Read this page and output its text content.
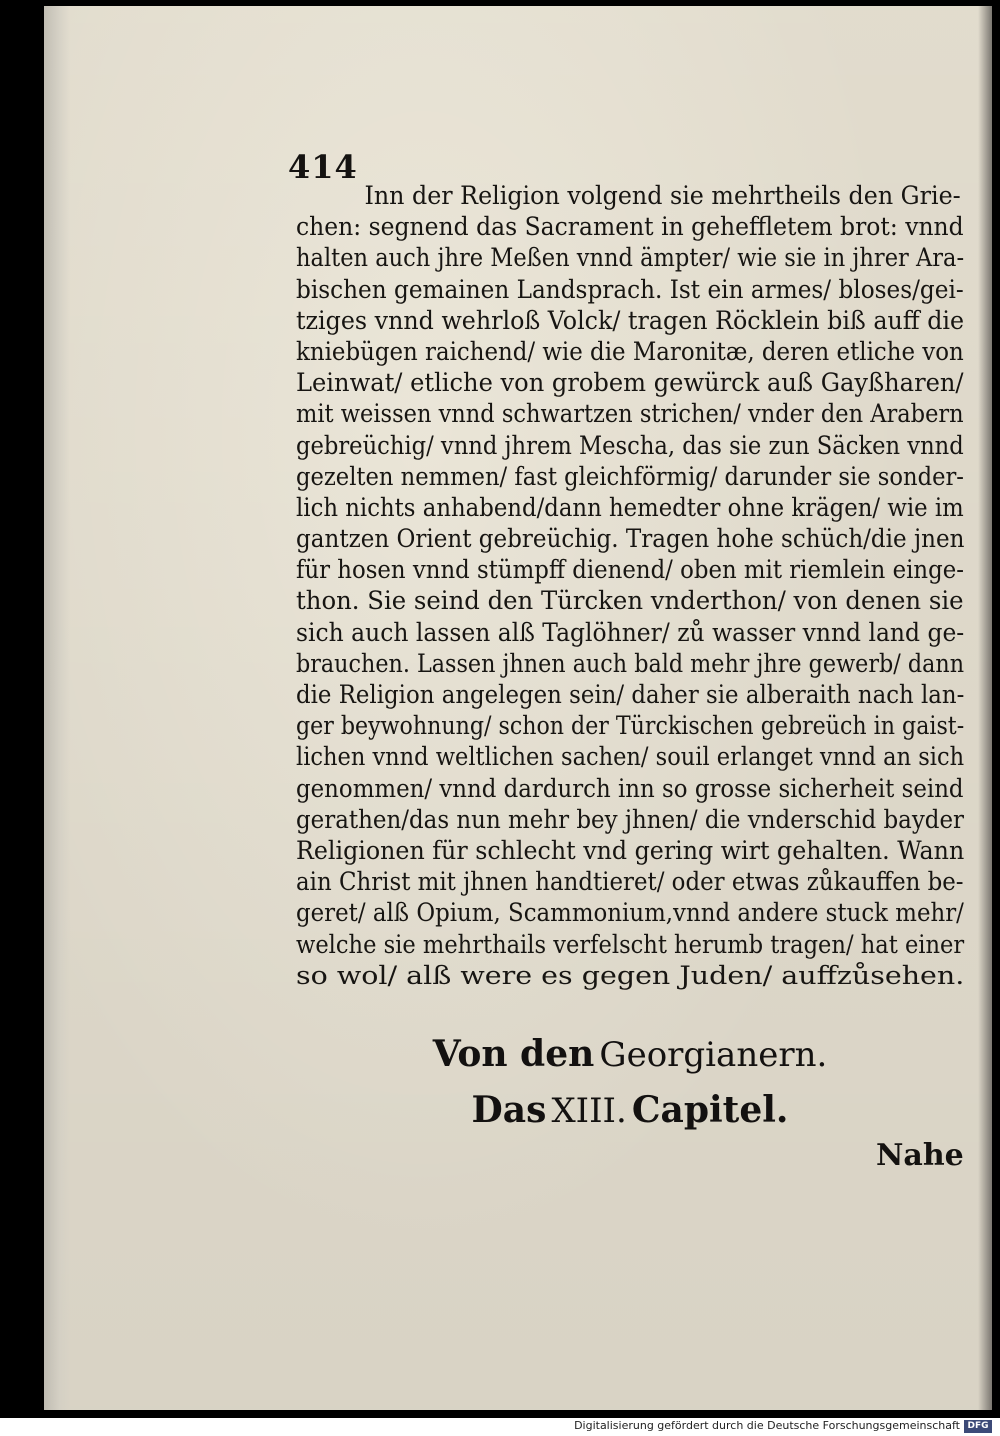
414
Inn der Religion volgend sie mehrtheils den Grie-
chen: segnend das Sacrament in geheffletem brot: vnnd
halten auch jhre Meßen vnnd ämpter/ wie sie in jhrer Ara-
bischen gemainen Landsprach. Ist ein armes/ bloses/gei-
tziges vnnd wehrloß Volck/ tragen Röcklein biß auff die
kniebügen raichend/ wie die Maronitæ, deren etliche von
Leinwat/ etliche von grobem gewürck auß Gayßharen/
mit weissen vnnd schwartzen strichen/ vnder den Arabern
gebreüchig/ vnnd jhrem Mescha, das sie zun Säcken vnnd
gezelten nemmen/ fast gleichförmig/ darunder sie sonder-
lich nichts anhabend/dann hemedter ohne krägen/ wie im
gantzen Orient gebreüchig. Tragen hohe schüch/die jnen
für hosen vnnd stümpff dienend/ oben mit riemlein einge-
thon. Sie seind den Türcken vnderthon/ von denen sie
sich auch lassen alß Taglöhner/ zů wasser vnnd land ge-
brauchen. Lassen jhnen auch bald mehr jhre gewerb/ dann
die Religion angelegen sein/ daher sie alberaith nach lan-
ger beywohnung/ schon der Türckischen gebreüch in gaist-
lichen vnnd weltlichen sachen/ souil erlanget vnnd an sich
genommen/ vnnd dardurch inn so grosse sicherheit seind
gerathen/das nun mehr bey jhnen/ die vnderschid bayder
Religionen für schlecht vnd gering wirt gehalten. Wann
ain Christ mit jhnen handtieret/ oder etwas zůkauffen be-
geret/ alß Opium, Scammonium,vnnd andere stuck mehr/
welche sie mehrthails verfelscht herumb tragen/ hat einer
so wol/ alß were es gegen Juden/ auffzůsehen.
Von den Georgianern.
Das XIII. Capitel.
Nahe
Digitalisierung gefördert durch die Deutsche Forschungsgemeinschaft DFG
